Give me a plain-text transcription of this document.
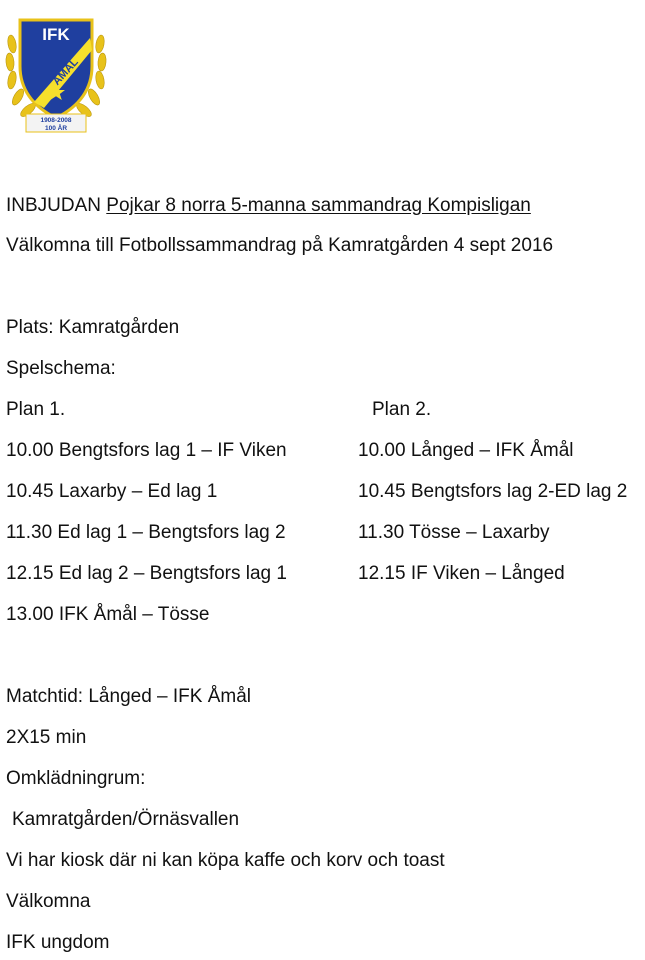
IFK
ÅMÅL
1908-2008
100 ÅR
INBJUDAN Pojkar 8 norra 5-manna sammandrag Kompisligan
Välkomna till Fotbollssammandrag på Kamratgården 4 sept 2016
Plats: Kamratgården
Spelschema:
Plan 1.	Plan 2.
10.00 Bengtsfors lag 1 – IF Viken	10.00 Långed – IFK Åmål
10.45 Laxarby – Ed lag 1	10.45 Bengtsfors lag 2-ED lag 2
11.30 Ed lag 1 – Bengtsfors lag 2	11.30 Tösse – Laxarby
12.15 Ed lag 2 – Bengtsfors lag 1	12.15 IF Viken – Långed
13.00 IFK Åmål – Tösse
Matchtid: Långed – IFK Åmål
2X15 min
Omklädningrum:
Kamratgården/Örnäsvallen
Vi har kiosk där ni kan köpa kaffe och korv och toast
Välkomna
IFK ungdom
